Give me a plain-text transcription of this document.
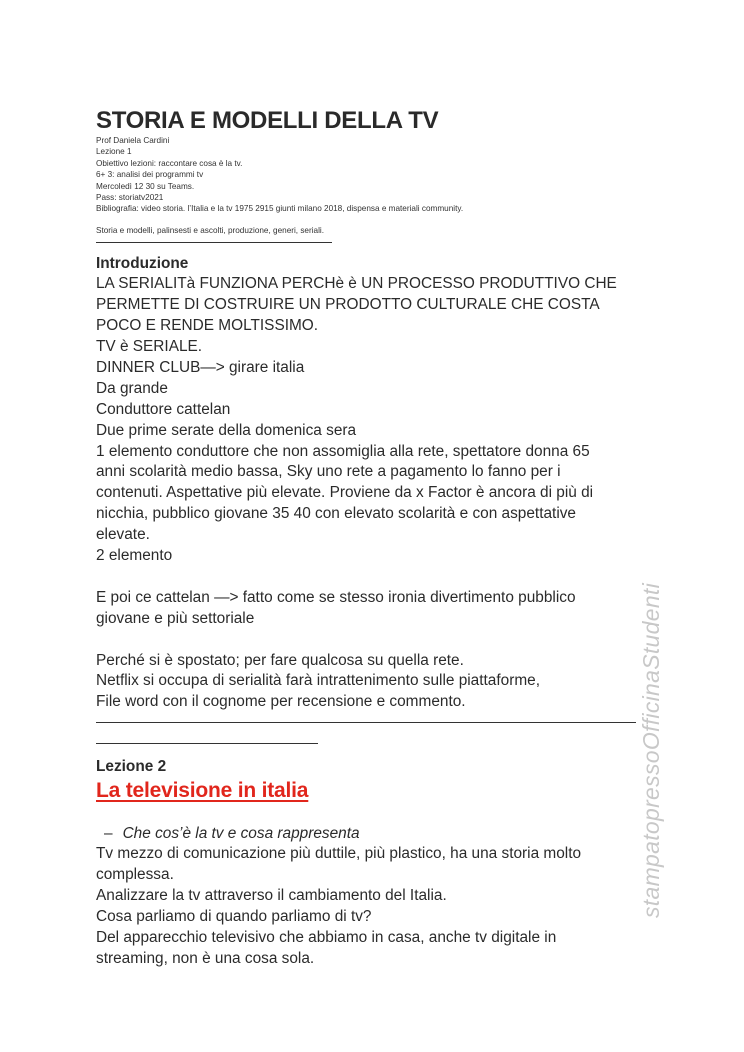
STORIA E MODELLI DELLA TV
Prof Daniela Cardini
Lezione 1
Obiettivo lezioni: raccontare cosa è la tv.
6+ 3: analisi dei programmi tv
Mercoledì 12 30 su Teams.
Pass: storiatv2021
Bibliografia: video storia. l’Italia e la tv 1975 2915 giunti milano 2018, dispensa e materiali community.
Storia e modelli, palinsesti e ascolti, produzione, generi, seriali.
Introduzione
LA SERIALITà FUNZIONA PERCHè è UN PROCESSO PRODUTTIVO CHE
PERMETTE DI COSTRUIRE UN PRODOTTO CULTURALE CHE COSTA
POCO E RENDE MOLTISSIMO.
TV è SERIALE.
DINNER CLUB—> girare italia
Da grande
Conduttore cattelan
Due prime serate della domenica sera
1 elemento conduttore che non assomiglia alla rete, spettatore donna 65
anni scolarità medio bassa, Sky uno rete a pagamento lo fanno per i
contenuti. Aspettative più elevate. Proviene da x Factor è ancora di più di
nicchia, pubblico giovane 35 40 con elevato scolarità e con aspettative
elevate.
2 elemento
E poi ce cattelan —> fatto come se stesso ironia divertimento pubblico
giovane e più settoriale
Perché si è spostato; per fare qualcosa su quella rete.
Netflix si occupa di serialità farà intrattenimento sulle piattaforme,
File word con il cognome per recensione e commento.
Lezione 2
La televisione in italia
– Che cos’è la tv e cosa rappresenta
Tv mezzo di comunicazione più duttile, più plastico, ha una storia molto
complessa.
Analizzare la tv attraverso il cambiamento del Italia.
Cosa parliamo di quando parliamo di tv?
Del apparecchio televisivo che abbiamo in casa, anche tv digitale in
streaming, non è una cosa sola.
stampatopressoOfficinaStudenti
